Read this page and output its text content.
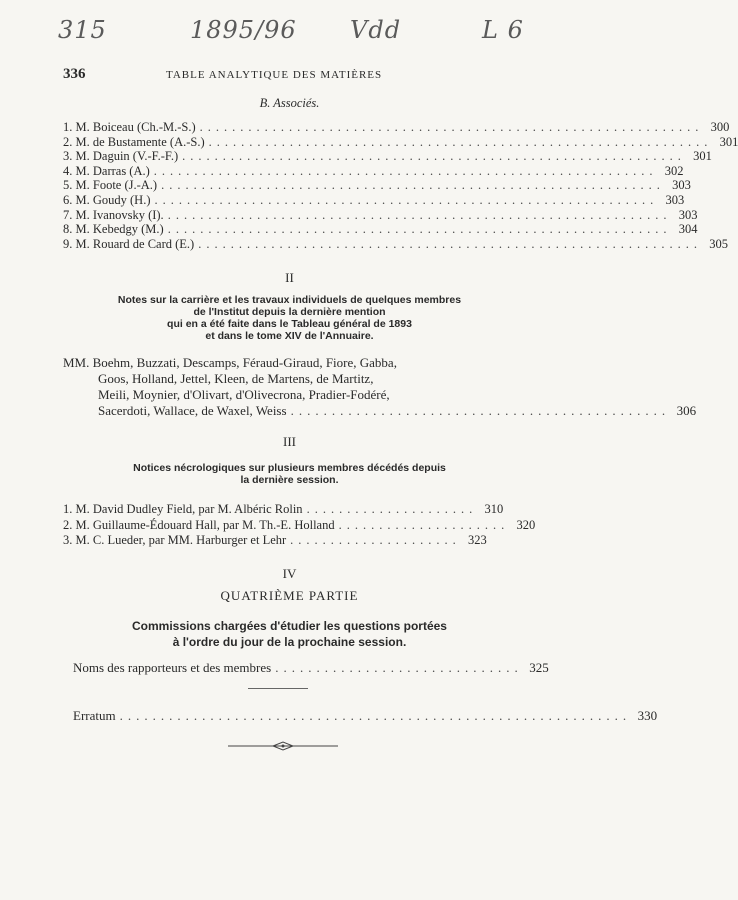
315	1895/96 Vdd	L 6
336	TABLE ANALYTIQUE DES MATIÈRES
B. Associés.
1. M. Boiceau (Ch.-M.-S.) .............................................................. 300
2. M. de Bustamente (A.-S.) .............................................................. 301
3. M. Daguin (V.-F.-F.) .............................................................. 301
4. M. Darras (A.) .............................................................. 302
5. M. Foote (J.-A.) .............................................................. 303
6. M. Goudy (H.) .............................................................. 303
7. M. Ivanovsky (I). .............................................................. 303
8. M. Kebedgy (M.) .............................................................. 304
9. M. Rouard de Card (E.) .............................................................. 305
II
Notes sur la carrière et les travaux individuels de quelques membres
de l'Institut depuis la dernière mention
qui en a été faite dans le Tableau général de 1893
et dans le tome XIV de l'Annuaire.
MM. Boehm, Buzzati, Descamps, Féraud-Giraud, Fiore, Gabba,
Goos, Holland, Jettel, Kleen, de Martens, de Martitz,
Meili, Moynier, d'Olivart, d'Olivecrona, Pradier-Fodéré,
Sacerdoti, Wallace, de Waxel, Weiss .............................................. 306
III
Notices nécrologiques sur plusieurs membres décédés depuis
la dernière session.
1. M. David Dudley Field, par M. Albéric Rolin ..................... 310
2. M. Guillaume-Édouard Hall, par M. Th.-E. Holland ..................... 320
3. M. C. Lueder, par MM. Harburger et Lehr ..................... 323
IV
QUATRIÈME PARTIE
Commissions chargées d'étudier les questions portées
à l'ordre du jour de la prochaine session.
Noms des rapporteurs et des membres .............................. 325
Erratum .............................................................. 330
